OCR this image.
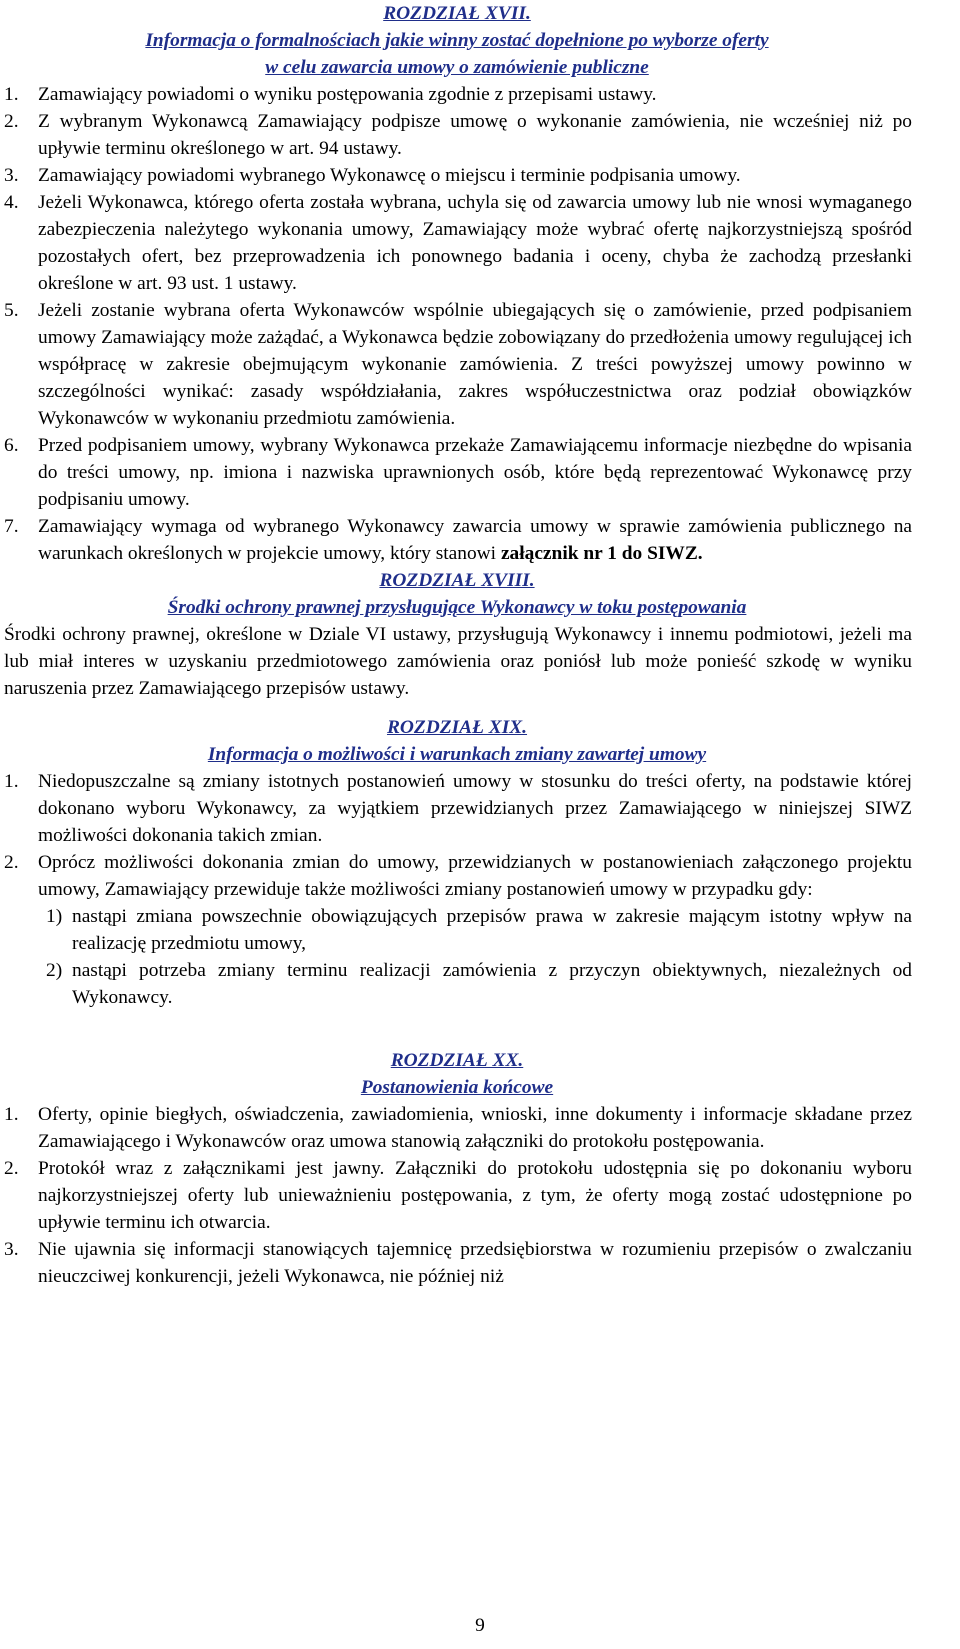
ROZDZIAŁ XVII.
Informacja o formalnościach jakie winny zostać dopełnione po wyborze oferty
w celu zawarcia umowy o zamówienie publiczne
1. Zamawiający powiadomi o wyniku postępowania zgodnie z przepisami ustawy.
2. Z wybranym Wykonawcą Zamawiający podpisze umowę o wykonanie zamówienia, nie wcześniej niż po upływie terminu określonego w art. 94 ustawy.
3. Zamawiający powiadomi wybranego Wykonawcę o miejscu i terminie podpisania umowy.
4. Jeżeli Wykonawca, którego oferta została wybrana, uchyla się od zawarcia umowy lub nie wnosi wymaganego zabezpieczenia należytego wykonania umowy, Zamawiający może wybrać ofertę najkorzystniejszą spośród pozostałych ofert, bez przeprowadzenia ich ponownego badania i oceny, chyba że zachodzą przesłanki określone w art. 93 ust. 1 ustawy.
5. Jeżeli zostanie wybrana oferta Wykonawców wspólnie ubiegających się o zamówienie, przed podpisaniem umowy Zamawiający może zażądać, a Wykonawca będzie zobowiązany do przedłożenia umowy regulującej ich współpracę w zakresie obejmującym wykonanie zamówienia. Z treści powyższej umowy powinno w szczególności wynikać: zasady współdziałania, zakres współuczestnictwa oraz podział obowiązków Wykonawców w wykonaniu przedmiotu zamówienia.
6. Przed podpisaniem umowy, wybrany Wykonawca przekaże Zamawiającemu informacje niezbędne do wpisania do treści umowy, np. imiona i nazwiska uprawnionych osób, które będą reprezentować Wykonawcę przy podpisaniu umowy.
7. Zamawiający wymaga od wybranego Wykonawcy zawarcia umowy w sprawie zamówienia publicznego na warunkach określonych w projekcie umowy, który stanowi załącznik nr 1 do SIWZ.
ROZDZIAŁ XVIII.
Środki ochrony prawnej przysługujące Wykonawcy w toku postępowania

Środki ochrony prawnej, określone w Dziale VI ustawy, przysługują Wykonawcy i innemu podmiotowi, jeżeli ma lub miał interes w uzyskaniu przedmiotowego zamówienia oraz poniósł lub może ponieść szkodę w wyniku naruszenia przez Zamawiającego przepisów ustawy.

ROZDZIAŁ XIX.
Informacja o możliwości i warunkach zmiany zawartej umowy
1. Niedopuszczalne są zmiany istotnych postanowień umowy w stosunku do treści oferty, na podstawie której dokonano wyboru Wykonawcy, za wyjątkiem przewidzianych przez Zamawiającego w niniejszej SIWZ możliwości dokonania takich zmian.
2. Oprócz możliwości dokonania zmian do umowy, przewidzianych w postanowieniach załączonego projektu umowy, Zamawiający przewiduje także możliwości zmiany postanowień umowy w przypadku gdy:
1) nastąpi zmiana powszechnie obowiązujących przepisów prawa w zakresie mającym istotny wpływ na realizację przedmiotu umowy,
2) nastąpi potrzeba zmiany terminu realizacji zamówienia z przyczyn obiektywnych, niezależnych od Wykonawcy.
ROZDZIAŁ XX.
Postanowienia końcowe
1. Oferty, opinie biegłych, oświadczenia, zawiadomienia, wnioski, inne dokumenty i informacje składane przez Zamawiającego i Wykonawców oraz umowa stanowią załączniki do protokołu postępowania.
2. Protokół wraz z załącznikami jest jawny. Załączniki do protokołu udostępnia się po dokonaniu wyboru najkorzystniejszej oferty lub unieważnieniu postępowania, z tym, że oferty mogą zostać udostępnione po upływie terminu ich otwarcia.
3. Nie ujawnia się informacji stanowiących tajemnicę przedsiębiorstwa w rozumieniu przepisów o zwalczaniu nieuczciwej konkurencji, jeżeli Wykonawca, nie później niż
9
